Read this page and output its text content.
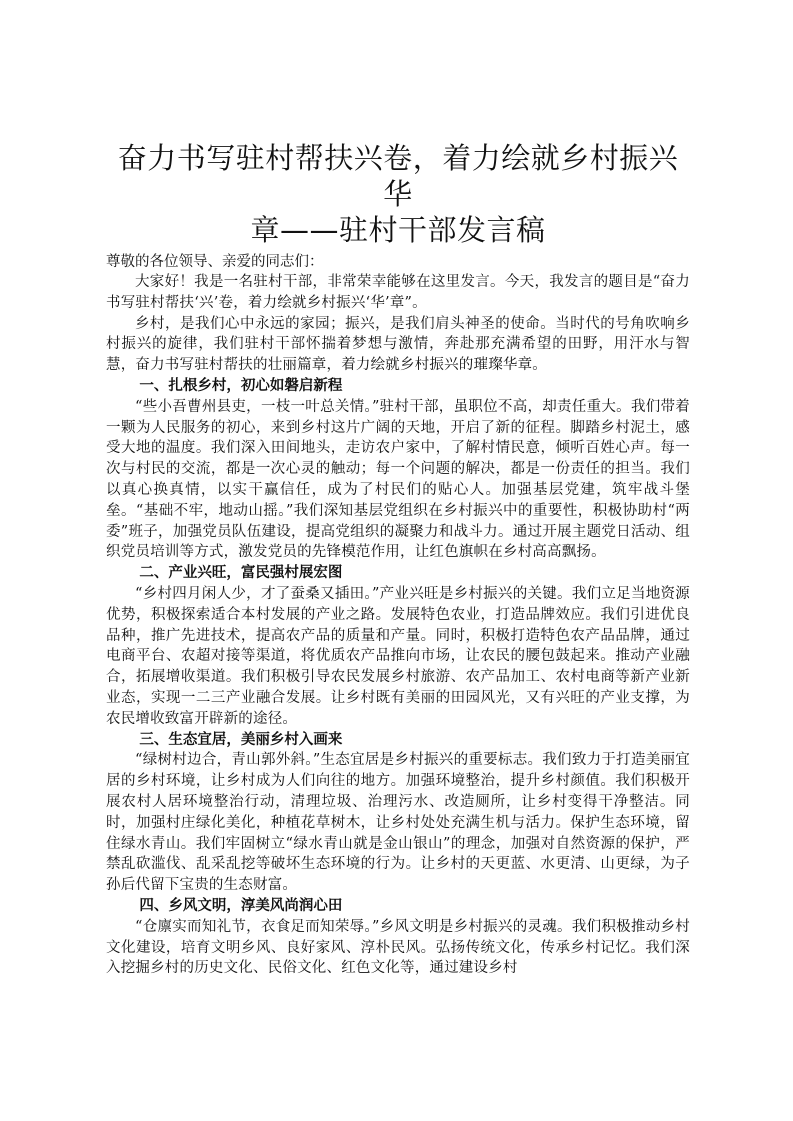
奋力书写驻村帮扶兴卷，着力绘就乡村振兴华
章——驻村干部发言稿

尊敬的各位领导、亲爱的同志们：

大家好！我是一名驻村干部，非常荣幸能够在这里发言。今天，我发言的题目是“奋力书写驻村帮扶‘兴’卷，着力绘就乡村振兴‘华’章”。

乡村，是我们心中永远的家园；振兴，是我们肩头神圣的使命。当时代的号角吹响乡村振兴的旋律，我们驻村干部怀揣着梦想与激情，奔赴那充满希望的田野，用汗水与智慧，奋力书写驻村帮扶的壮丽篇章，着力绘就乡村振兴的璀璨华章。

一、扎根乡村，初心如磐启新程

“些小吾曹州县吏，一枝一叶总关情。”驻村干部，虽职位不高，却责任重大。我们带着一颗为人民服务的初心，来到乡村这片广阔的天地，开启了新的征程。脚踏乡村泥土，感受大地的温度。我们深入田间地头，走访农户家中，了解村情民意，倾听百姓心声。每一次与村民的交流，都是一次心灵的触动；每一个问题的解决，都是一份责任的担当。我们以真心换真情，以实干赢信任，成为了村民们的贴心人。加强基层党建，筑牢战斗堡垒。“基础不牢，地动山摇。”我们深知基层党组织在乡村振兴中的重要性，积极协助村“两委”班子，加强党员队伍建设，提高党组织的凝聚力和战斗力。通过开展主题党日活动、组织党员培训等方式，激发党员的先锋模范作用，让红色旗帜在乡村高高飘扬。

二、产业兴旺，富民强村展宏图

“乡村四月闲人少，才了蚕桑又插田。”产业兴旺是乡村振兴的关键。我们立足当地资源优势，积极探索适合本村发展的产业之路。发展特色农业，打造品牌效应。我们引进优良品种，推广先进技术，提高农产品的质量和产量。同时，积极打造特色农产品品牌，通过电商平台、农超对接等渠道，将优质农产品推向市场，让农民的腰包鼓起来。推动产业融合，拓展增收渠道。我们积极引导农民发展乡村旅游、农产品加工、农村电商等新产业新业态，实现一二三产业融合发展。让乡村既有美丽的田园风光，又有兴旺的产业支撑，为农民增收致富开辟新的途径。

三、生态宜居，美丽乡村入画来

“绿树村边合，青山郭外斜。”生态宜居是乡村振兴的重要标志。我们致力于打造美丽宜居的乡村环境，让乡村成为人们向往的地方。加强环境整治，提升乡村颜值。我们积极开展农村人居环境整治行动，清理垃圾、治理污水、改造厕所，让乡村变得干净整洁。同时，加强村庄绿化美化，种植花草树木，让乡村处处充满生机与活力。保护生态环境，留住绿水青山。我们牢固树立“绿水青山就是金山银山”的理念，加强对自然资源的保护，严禁乱砍滥伐、乱采乱挖等破坏生态环境的行为。让乡村的天更蓝、水更清、山更绿，为子孙后代留下宝贵的生态财富。

四、乡风文明，淳美风尚润心田

“仓廪实而知礼节，衣食足而知荣辱。”乡风文明是乡村振兴的灵魂。我们积极推动乡村文化建设，培育文明乡风、良好家风、淳朴民风。弘扬传统文化，传承乡村记忆。我们深入挖掘乡村的历史文化、民俗文化、红色文化等，通过建设乡村
